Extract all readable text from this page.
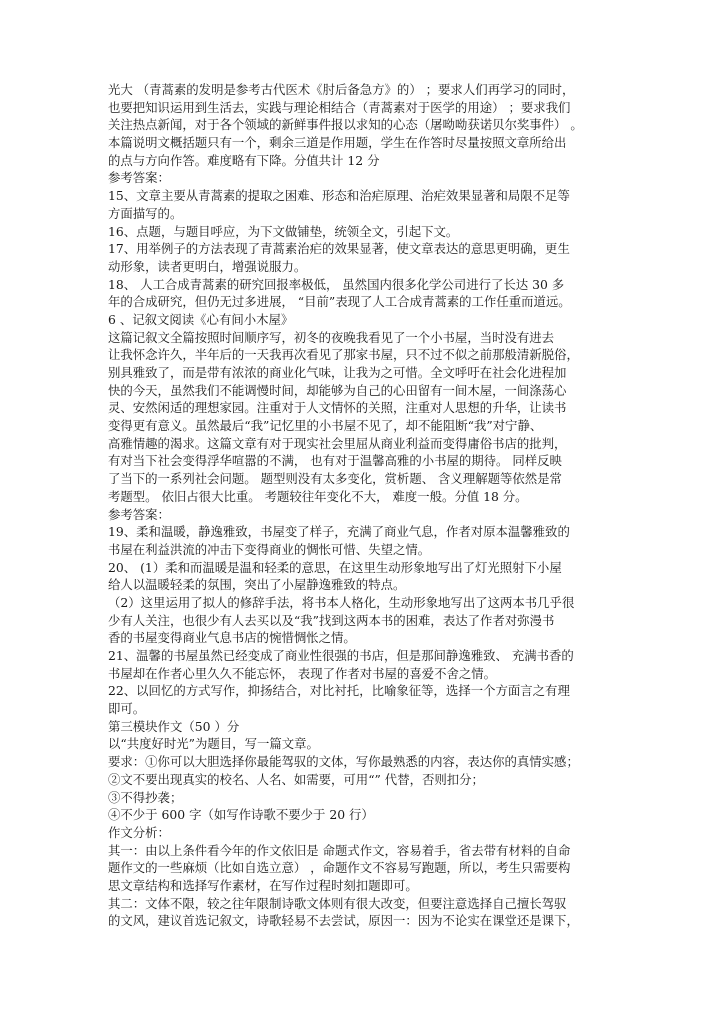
光大 （青蒿素的发明是参考古代医术《肘后备急方》的） ；要求人们再学习的同时，
也要把知识运用到生活去，实践与理论相结合（青蒿素对于医学的用途） ；要求我们
关注热点新闻，对于各个领域的新鲜事件报以求知的心态（屠呦呦获诺贝尔奖事件） 。
本篇说明文概括题只有一个，剩余三道是作用题，学生在作答时尽量按照文章所给出
的点与方向作答。难度略有下降。分值共计 12 分
参考答案：
15、文章主要从青蒿素的提取之困难、形态和治疟原理、治疟效果显著和局限不足等
方面描写的。
16、点题，与题目呼应，为下文做铺垫，统领全文，引起下文。
17、用举例子的方法表现了青蒿素治疟的效果显著，使文章表达的意思更明确，更生
动形象，读者更明白，增强说服力。
18、 人工合成青蒿素的研究回报率极低， 虽然国内很多化学公司进行了长达 30 多
年的合成研究，但仍无过多进展， “目前”表现了人工合成青蒿素的工作任重而道远。
6 、记叙文阅读《心有间小木屋》
这篇记叙文全篇按照时间顺序写，初冬的夜晚我看见了一个小书屋，当时没有进去
让我怀念许久，半年后的一天我再次看见了那家书屋，只不过不似之前那般清新脱俗，
别具雅致了，而是带有浓浓的商业化气味，让我为之可惜。全文呼吁在社会化进程加
快的今天，虽然我们不能调慢时间，却能够为自己的心田留有一间木屋，一间涤荡心
灵、安然闲适的理想家园。注重对于人文情怀的关照，注重对人思想的升华，让读书
变得更有意义。虽然最后“我”记忆里的小书屋不见了，却不能阻断“我”对宁静、
高雅情趣的渴求。这篇文章有对于现实社会里屈从商业利益而变得庸俗书店的批判，
有对当下社会变得浮华喧嚣的不满， 也有对于温馨高雅的小书屋的期待。 同样反映
了当下的一系列社会问题。 题型则没有太多变化，赏析题、 含义理解题等依然是常
考题型。 依旧占很大比重。 考题较往年变化不大， 难度一般。分值 18 分。
参考答案：
19、柔和温暖，静逸雅致，书屋变了样子，充满了商业气息，作者对原本温馨雅致的
书屋在利益洪流的冲击下变得商业的惆怅可惜、失望之情。
20、 (1）柔和而温暖是温和轻柔的意思，在这里生动形象地写出了灯光照射下小屋
给人以温暖轻柔的氛围，突出了小屋静逸雅致的特点。
（2）这里运用了拟人的修辞手法，将书本人格化，生动形象地写出了这两本书几乎很
少有人关注，也很少有人去买以及“我”找到这两本书的困难，表达了作者对弥漫书
香的书屋变得商业气息书店的惋惜惆怅之情。
21、温馨的书屋虽然已经变成了商业性很强的书店，但是那间静逸雅致、 充满书香的
书屋却在作者心里久久不能忘怀， 表现了作者对书屋的喜爱不舍之情。
22、以回忆的方式写作，抑扬结合，对比衬托，比喻象征等，选择一个方面言之有理
即可。
第三模块作文（50 ）分
以“共度好时光”为题目，写一篇文章。
要求：①你可以大胆选择你最能驾驭的文体，写你最熟悉的内容，表达你的真情实感；
②文不要出现真实的校名、人名、如需要，可用“” 代替，否则扣分；
③不得抄袭；
④不少于 600 字（如写作诗歌不要少于 20 行）
作文分析：
其一：由以上条件看今年的作文依旧是 命题式作文，容易着手，省去带有材料的自命
题作文的一些麻烦（比如自选立意） ，命题作文不容易写跑题，所以，考生只需要构
思文章结构和选择写作素材，在写作过程时刻扣题即可。
其二：文体不限，较之往年限制诗歌文体则有很大改变，但要注意选择自己擅长驾驭
的文风，建议首选记叙文，诗歌轻易不去尝试，原因一：因为不论实在课堂还是课下，
